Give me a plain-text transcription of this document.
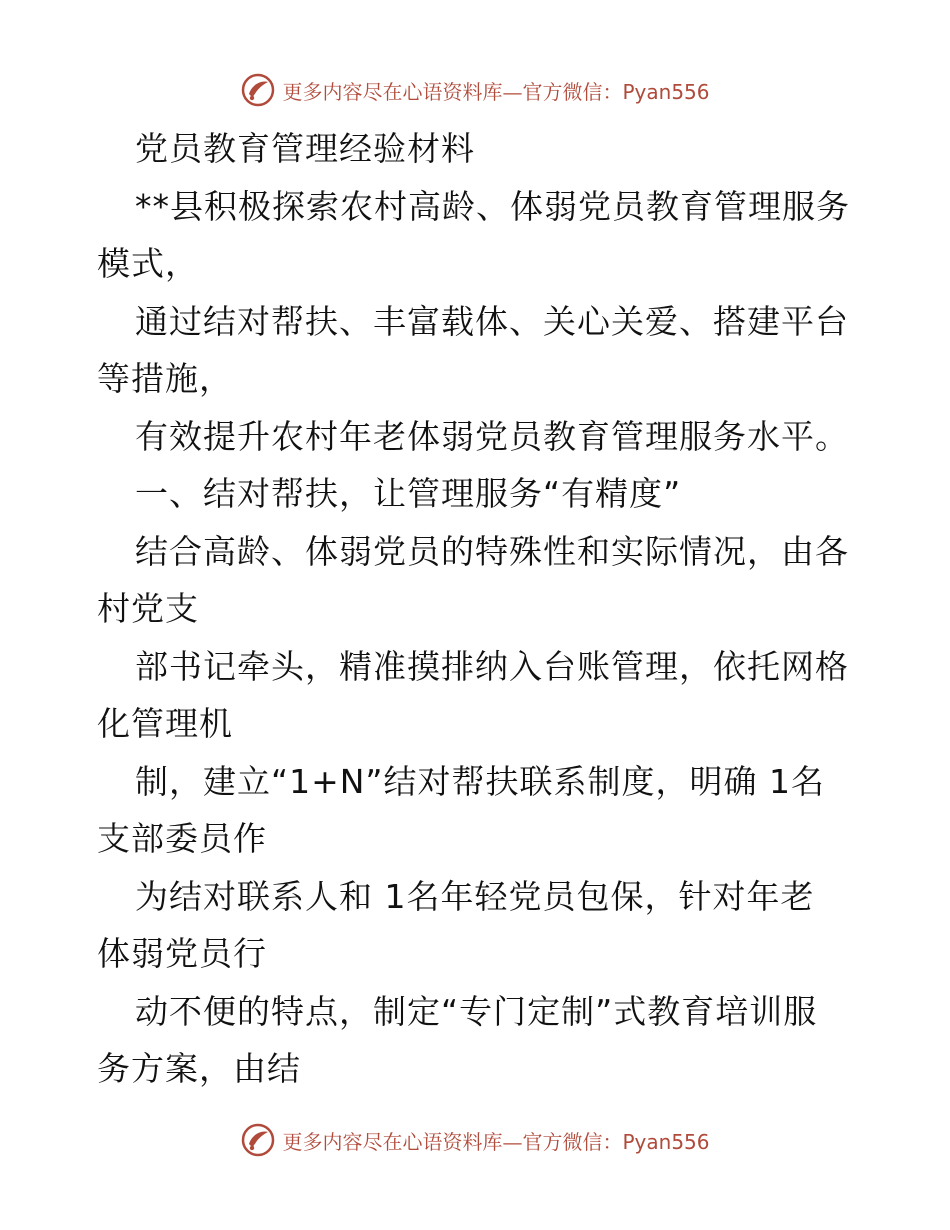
更多内容尽在心语资料库—官方微信：Pyan556
党员教育管理经验材料
**县积极探索农村高龄、体弱党员教育管理服务
模式，
通过结对帮扶、丰富载体、关心关爱、搭建平台
等措施，
有效提升农村年老体弱党员教育管理服务水平。
一、结对帮扶，让管理服务“有精度”
结合高龄、体弱党员的特殊性和实际情况，由各
村党支
部书记牵头，精准摸排纳入台账管理，依托网格
化管理机
制，建立“1+N”结对帮扶联系制度，明确 1名
支部委员作
为结对联系人和 1名年轻党员包保，针对年老
体弱党员行
动不便的特点，制定“专门定制”式教育培训服
务方案，由结
更多内容尽在心语资料库—官方微信：Pyan556
